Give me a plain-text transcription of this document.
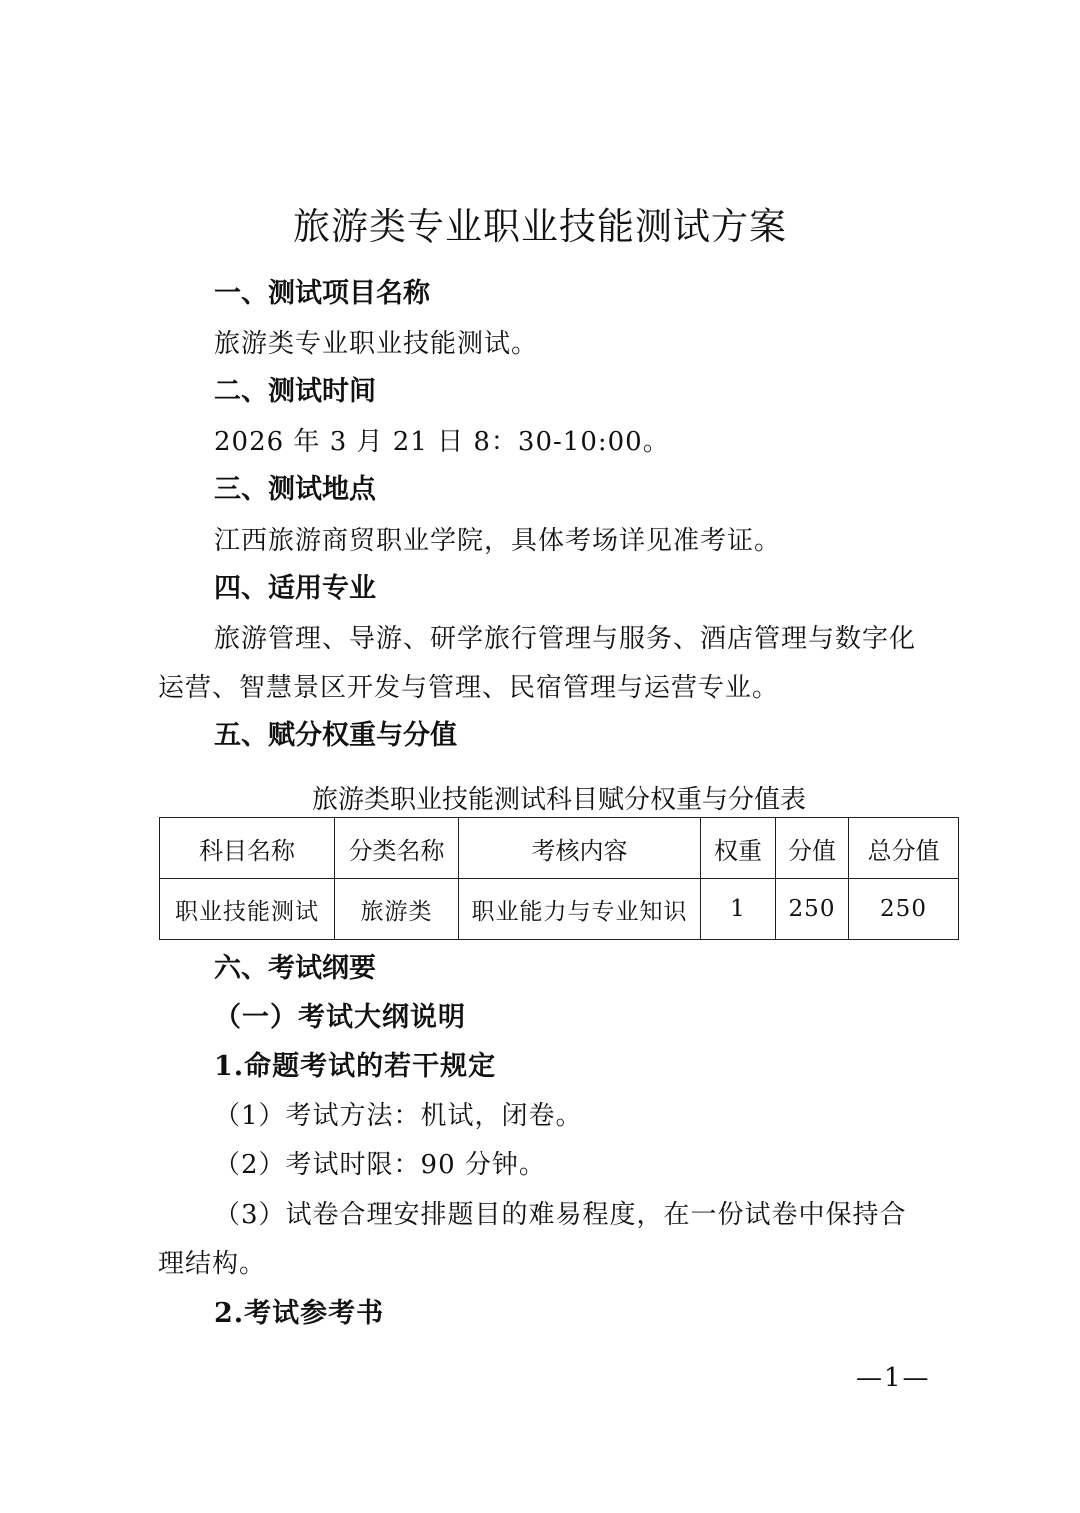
旅游类专业职业技能测试方案
一、测试项目名称
旅游类专业职业技能测试。
二、测试时间
2026 年 3 月 21 日 8：30-10:00。
三、测试地点
江西旅游商贸职业学院，具体考场详见准考证。
四、适用专业
旅游管理、导游、研学旅行管理与服务、酒店管理与数字化
运营、智慧景区开发与管理、民宿管理与运营专业。
五、赋分权重与分值
旅游类职业技能测试科目赋分权重与分值表
科目名称	分类名称	考核内容	权重	分值	总分值
职业技能测试	旅游类	职业能力与专业知识	1	250	250
六、考试纲要
（一）考试大纲说明
1.命题考试的若干规定
（1）考试方法：机试，闭卷。
（2）考试时限：90 分钟。
（3）试卷合理安排题目的难易程度，在一份试卷中保持合
理结构。
2.考试参考书
—1—
